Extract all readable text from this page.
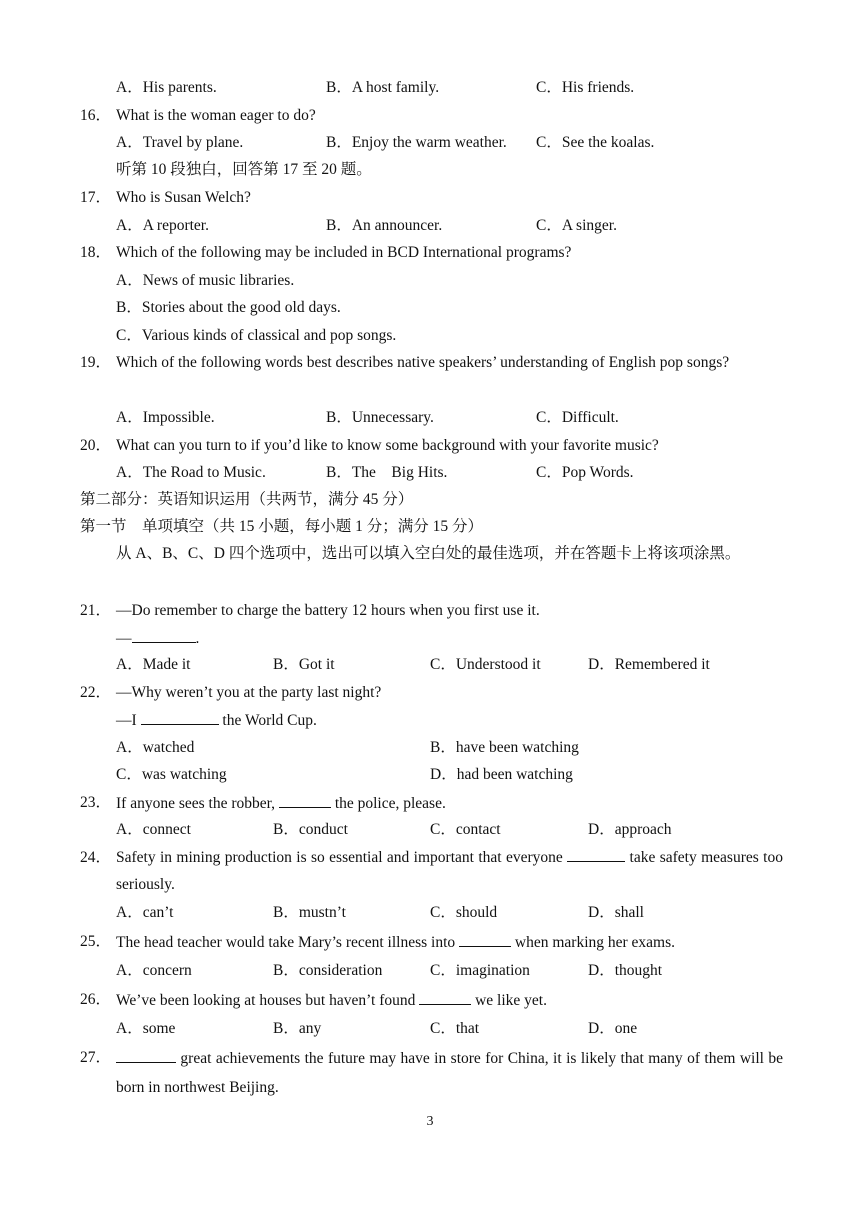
A．His parents.	B．A host family.	C．His friends.
16． What is the woman eager to do?
A．Travel by plane.	B．Enjoy the warm weather. C．See the koalas.
听第 10 段独白，回答第 17 至 20 题。
17． Who is Susan Welch?
A．A reporter.	B．An announcer.	C．A singer.
18． Which of the following may be included in BCD International programs?
A．News of music libraries.
B．Stories about the good old days.
C．Various kinds of classical and pop songs.
19． Which of the following words best describes native speakers’ understanding of English pop songs?
A．Impossible.	B．Unnecessary.	C．Difficult.
20． What can you turn to if you’d like to know some background with your favorite music?
A．The Road to Music.	B．The　Big Hits.	C．Pop Words.
第二部分：英语知识运用（共两节，满分 45 分）
第一节　单项填空（共 15 小题，每小题 1 分；满分 15 分）
从 A、B、C、D 四个选项中，选出可以填入空白处的最佳选项，并在答题卡上将该项涂黑。
21． —Do remember to charge the battery 12 hours when you first use it.
—	.
A．Made it	B．Got it	C．Understood it	D．Remembered it
22． —Why weren’t you at the party last night?
—I	the World Cup.
A．watched	B．have been watching
C．was watching	D．had been watching
23． If anyone sees the robber,	the police, please.
A．connect	B．conduct	C．contact	D．approach
24． Safety in mining production is so essential and important that everyone	take safety measures too seriously.
A．can’t	B．mustn’t	C．should	D．shall
25． The head teacher would take Mary’s recent illness into	when marking her exams.
A．concern	B．consideration	C．imagination	D．thought
26． We’ve been looking at houses but haven’t found	we like yet.
A．some	B．any	C．that	D．one
27．	great achievements the future may have in store for China, it is likely that many of them will be born in northwest Beijing.
3
